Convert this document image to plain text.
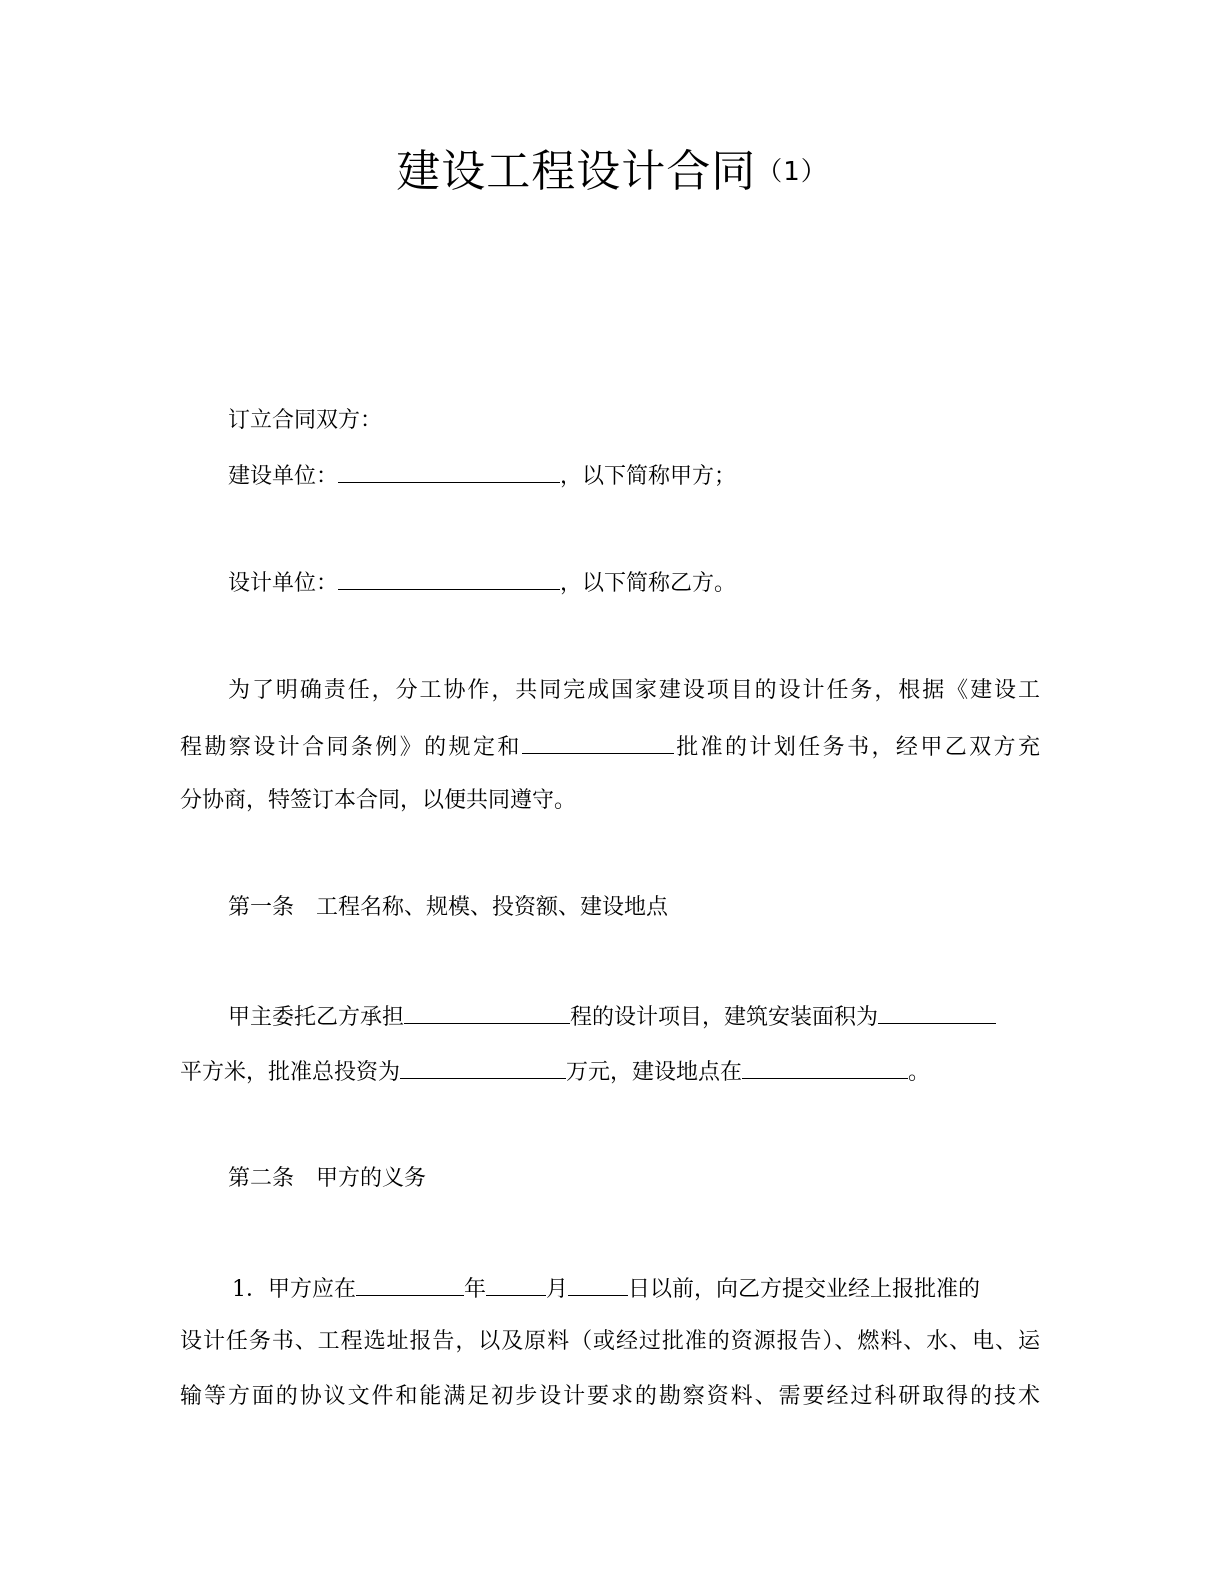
建设工程设计合同（1）
订立合同双方：
建设单位：	，以下简称甲方；
设计单位：	，以下简称乙方。
为了明确责任，分工协作，共同完成国家建设项目的设计任务，根据《建设工
程勘察设计合同条例》的规定和	批准的计划任务书，经甲乙双方充
分协商，特签订本合同，以便共同遵守。
第一条　工程名称、规模、投资额、建设地点
甲主委托乙方承担	程的设计项目，建筑安装面积为
平方米，批准总投资为	万元，建设地点在	。
第二条　甲方的义务
1．甲方应在	年	月	日以前，向乙方提交业经上报批准的
设计任务书、工程选址报告，以及原料（或经过批准的资源报告）、燃料、水、电、运
输等方面的协议文件和能满足初步设计要求的勘察资料、需要经过科研取得的技术
